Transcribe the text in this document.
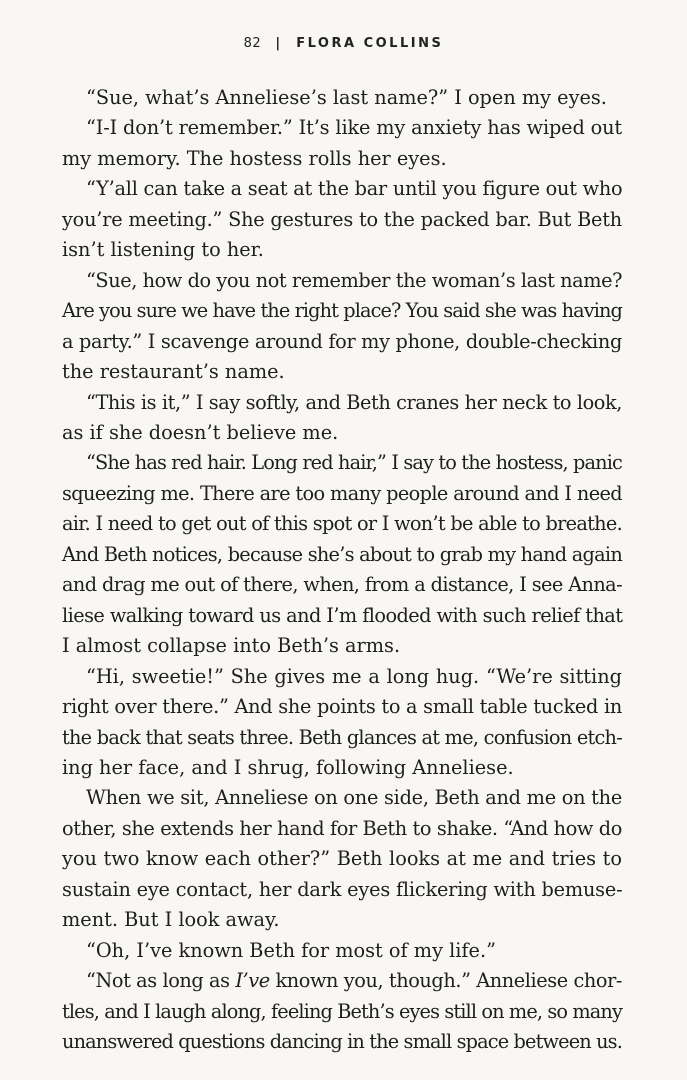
82 | FLORA COLLINS
“Sue, what’s Anneliese’s last name?” I open my eyes.
“I-I don’t remember.” It’s like my anxiety has wiped out
my memory. The hostess rolls her eyes.
“Y’all can take a seat at the bar until you figure out who
you’re meeting.” She gestures to the packed bar. But Beth
isn’t listening to her.
“Sue, how do you not remember the woman’s last name?
Are you sure we have the right place? You said she was having
a party.” I scavenge around for my phone, double-checking
the restaurant’s name.
“This is it,” I say softly, and Beth cranes her neck to look,
as if she doesn’t believe me.
“She has red hair. Long red hair,” I say to the hostess, panic
squeezing me. There are too many people around and I need
air. I need to get out of this spot or I won’t be able to breathe.
And Beth notices, because she’s about to grab my hand again
and drag me out of there, when, from a distance, I see Anna-
liese walking toward us and I’m flooded with such relief that
I almost collapse into Beth’s arms.
“Hi, sweetie!” She gives me a long hug. “We’re sitting
right over there.” And she points to a small table tucked in
the back that seats three. Beth glances at me, confusion etch-
ing her face, and I shrug, following Anneliese.
When we sit, Anneliese on one side, Beth and me on the
other, she extends her hand for Beth to shake. “And how do
you two know each other?” Beth looks at me and tries to
sustain eye contact, her dark eyes flickering with bemuse-
ment. But I look away.
“Oh, I’ve known Beth for most of my life.”
“Not as long as I’ve known you, though.” Anneliese chor-
tles, and I laugh along, feeling Beth’s eyes still on me, so many
unanswered questions dancing in the small space between us.
